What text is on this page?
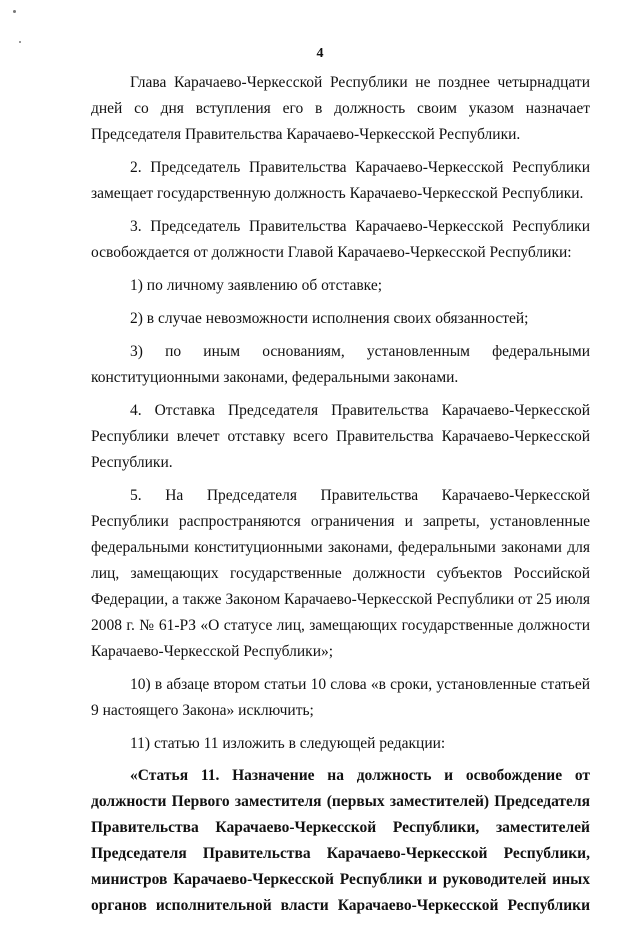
4

Глава Карачаево-Черкесской Республики не позднее четырнадцати дней со дня вступления его в должность своим указом назначает Председателя Правительства Карачаево-Черкесской Республики.

2. Председатель Правительства Карачаево-Черкесской Республики замещает государственную должность Карачаево-Черкесской Республики.

3. Председатель Правительства Карачаево-Черкесской Республики освобождается от должности Главой Карачаево-Черкесской Республики:

1) по личному заявлению об отставке;

2) в случае невозможности исполнения своих обязанностей;

3) по иным основаниям, установленным федеральными конституционными законами, федеральными законами.

4. Отставка Председателя Правительства Карачаево-Черкесской Республики влечет отставку всего Правительства Карачаево-Черкесской Республики.

5. На Председателя Правительства Карачаево-Черкесской Республики распространяются ограничения и запреты, установленные федеральными конституционными законами, федеральными законами для лиц, замещающих государственные должности субъектов Российской Федерации, а также Законом Карачаево-Черкесской Республики от 25 июля 2008 г. № 61-РЗ «О статусе лиц, замещающих государственные должности Карачаево-Черкесской Республики»;

10) в абзаце втором статьи 10 слова «в сроки, установленные статьей 9 настоящего Закона» исключить;

11) статью 11 изложить в следующей редакции:

«Статья 11. Назначение на должность и освобождение от должности Первого заместителя (первых заместителей) Председателя Правительства Карачаево-Черкесской Республики, заместителей Председателя Правительства Карачаево-Черкесской Республики, министров Карачаево-Черкесской Республики и руководителей иных органов исполнительной власти Карачаево-Черкесской Республики
